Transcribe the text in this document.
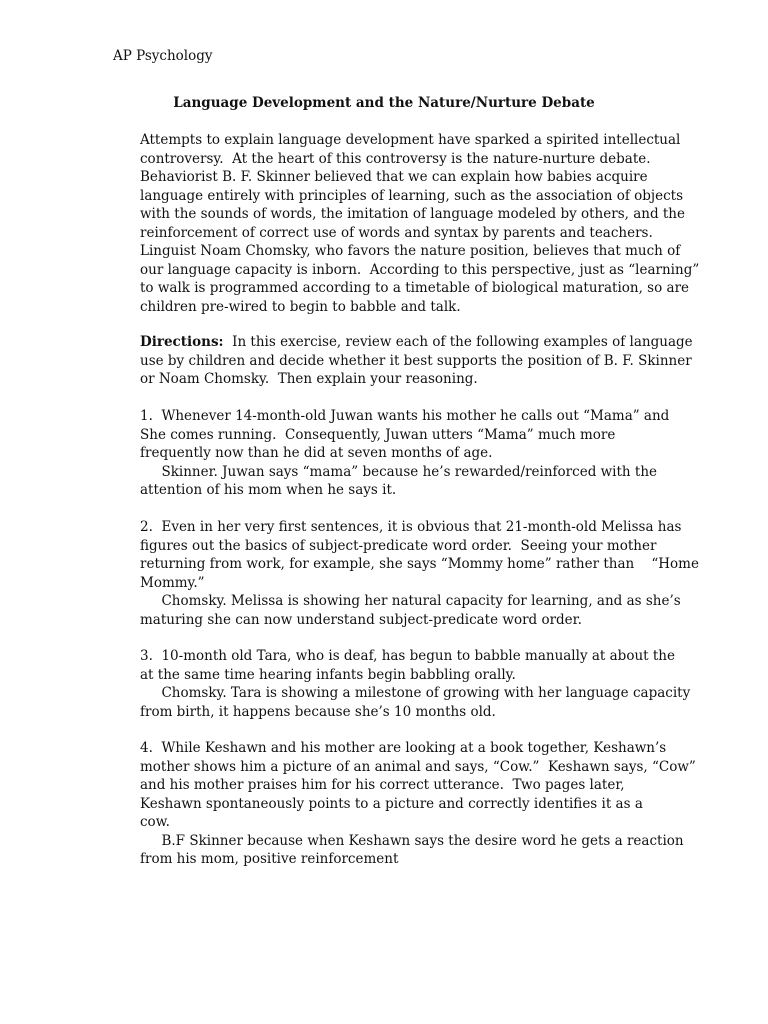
AP Psychology
Language Development and the Nature/Nurture Debate
Attempts to explain language development have sparked a spirited intellectual
controversy.  At the heart of this controversy is the nature-nurture debate.
Behaviorist B. F. Skinner believed that we can explain how babies acquire
language entirely with principles of learning, such as the association of objects
with the sounds of words, the imitation of language modeled by others, and the
reinforcement of correct use of words and syntax by parents and teachers.
Linguist Noam Chomsky, who favors the nature position, believes that much of
our language capacity is inborn.  According to this perspective, just as “learning”
to walk is programmed according to a timetable of biological maturation, so are
children pre-wired to begin to babble and talk.
Directions:  In this exercise, review each of the following examples of language
use by children and decide whether it best supports the position of B. F. Skinner
or Noam Chomsky.  Then explain your reasoning.
1.  Whenever 14-month-old Juwan wants his mother he calls out “Mama” and
She comes running.  Consequently, Juwan utters “Mama” much more
frequently now than he did at seven months of age.
Skinner. Juwan says “mama” because he’s rewarded/reinforced with the
attention of his mom when he says it.
2.  Even in her very first sentences, it is obvious that 21-month-old Melissa has
figures out the basics of subject-predicate word order.  Seeing your mother
returning from work, for example, she says “Mommy home” rather than    “Home
Mommy.”
Chomsky. Melissa is showing her natural capacity for learning, and as she’s
maturing she can now understand subject-predicate word order.
3.  10-month old Tara, who is deaf, has begun to babble manually at about the
at the same time hearing infants begin babbling orally.
Chomsky. Tara is showing a milestone of growing with her language capacity
from birth, it happens because she’s 10 months old.
4.  While Keshawn and his mother are looking at a book together, Keshawn’s
mother shows him a picture of an animal and says, “Cow.”  Keshawn says, “Cow”
and his mother praises him for his correct utterance.  Two pages later,
Keshawn spontaneously points to a picture and correctly identifies it as a
cow.
B.F Skinner because when Keshawn says the desire word he gets a reaction
from his mom, positive reinforcement
